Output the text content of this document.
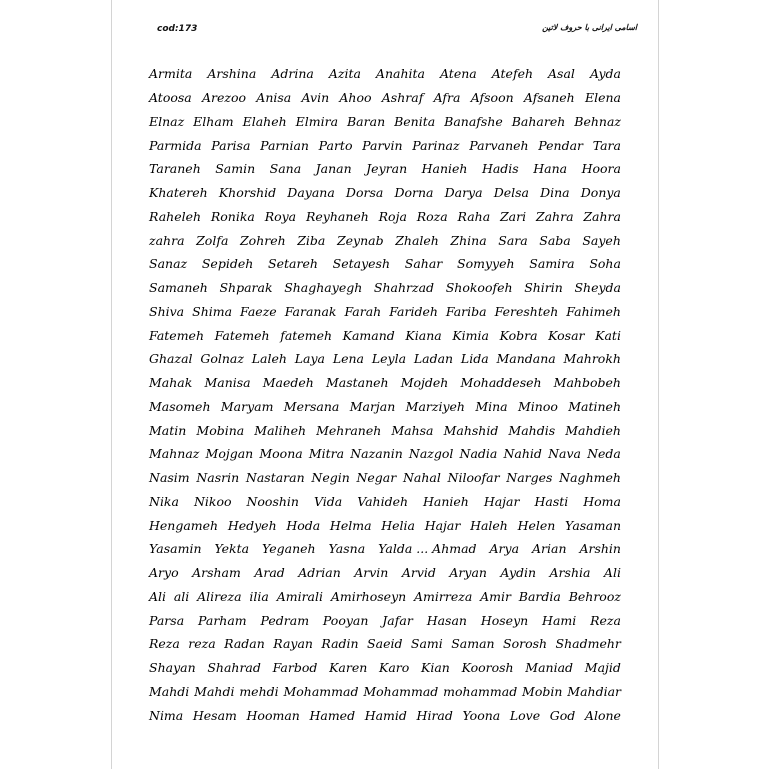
cod:173	اسامی ایرانی با حروف لاتین
Armita Arshina Adrina Azita Anahita Atena Atefeh Asal Ayda
Atoosa Arezoo Anisa Avin Ahoo Ashraf Afra Afsoon Afsaneh Elena
Elnaz Elham Elaheh Elmira Baran Benita Banafshe Bahareh Behnaz
Parmida Parisa Parnian Parto Parvin Parinaz Parvaneh Pendar Tara
Taraneh Samin Sana Janan Jeyran Hanieh Hadis Hana Hoora
Khatereh Khorshid Dayana Dorsa Dorna Darya Delsa Dina Donya
Raheleh Ronika Roya Reyhaneh Roja Roza Raha Zari Zahra Zahra
zahra Zolfa Zohreh Ziba Zeynab Zhaleh Zhina Sara Saba Sayeh
Sanaz Sepideh Setareh Setayesh Sahar Somyyeh Samira Soha
Samaneh Shparak Shaghayegh Shahrzad Shokoofeh Shirin Sheyda
Shiva Shima Faeze Faranak Farah Farideh Fariba Fereshteh Fahimeh
Fatemeh Fatemeh fatemeh Kamand Kiana Kimia Kobra Kosar Kati
Ghazal Golnaz Laleh Laya Lena Leyla Ladan Lida Mandana Mahrokh
Mahak Manisa Maedeh Mastaneh Mojdeh Mohaddeseh Mahbobeh
Masomeh Maryam Mersana Marjan Marziyeh Mina Minoo Matineh
Matin Mobina Maliheh Mehraneh Mahsa Mahshid Mahdis Mahdieh
Mahnaz Mojgan Moona Mitra Nazanin Nazgol Nadia Nahid Nava Neda
Nasim Nasrin Nastaran Negin Negar Nahal Niloofar Narges Naghmeh
Nika Nikoo Nooshin Vida Vahideh Hanieh Hajar Hasti Homa
Hengameh Hedyeh Hoda Helma Helia Hajar Haleh Helen Yasaman
Yasamin Yekta Yeganeh Yasna Yalda ... Ahmad Arya Arian Arshin
Aryo Arsham Arad Adrian Arvin Arvid Aryan Aydin Arshia Ali
Ali ali Alireza ilia Amirali Amirhoseyn Amirreza Amir Bardia Behrooz
Parsa Parham Pedram Pooyan Jafar Hasan Hoseyn Hami Reza
Reza reza Radan Rayan Radin Saeid Sami Saman Sorosh Shadmehr
Shayan Shahrad Farbod Karen Karo Kian Koorosh Maniad Majid
Mahdi Mahdi mehdi Mohammad Mohammad mohammad Mobin Mahdiar
Nima Hesam Hooman Hamed Hamid Hirad Yoona Love God Alone
